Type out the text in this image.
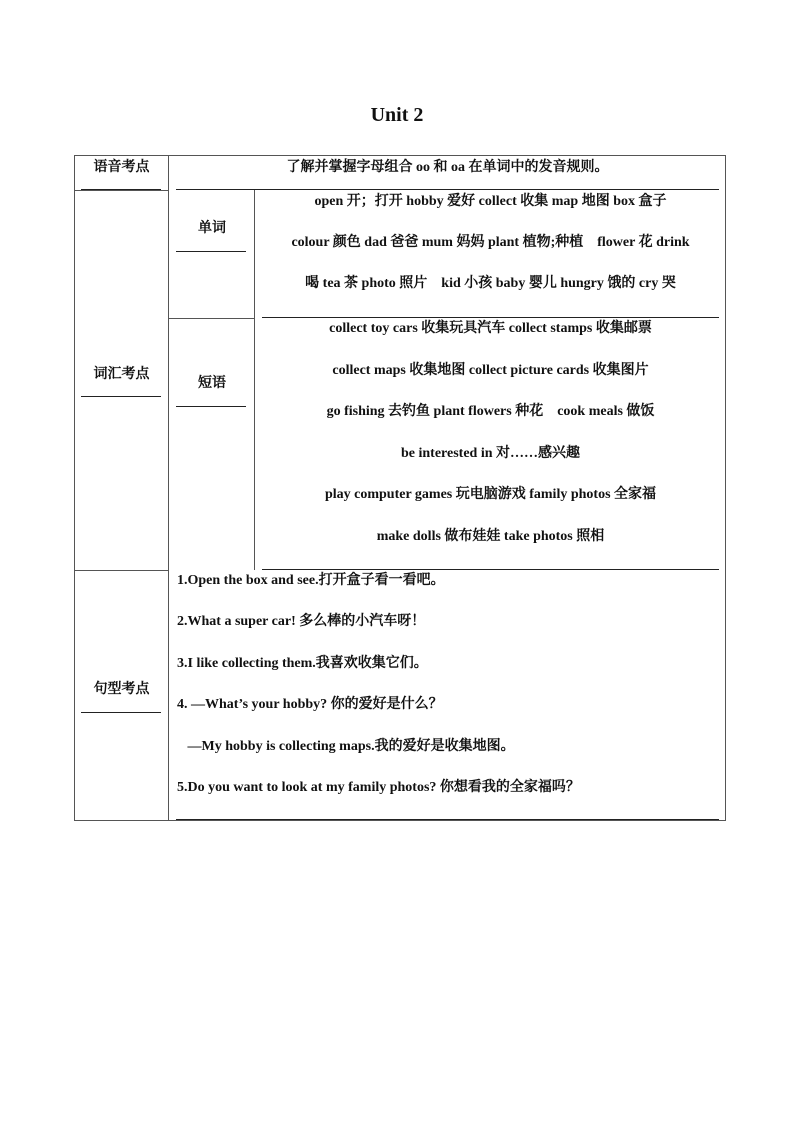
Unit 2
语音考点	了解并掌握字母组合 oo 和 oa 在单词中的发音规则。
词汇考点
单词
open 开；打开 hobby 爱好 collect 收集 map 地图 box 盒子
colour 颜色 dad 爸爸 mum 妈妈 plant 植物;种植　flower 花 drink
喝 tea 茶 photo 照片　kid 小孩 baby 婴儿 hungry 饿的 cry 哭
短语
collect toy cars 收集玩具汽车 collect stamps 收集邮票
collect maps 收集地图 collect picture cards 收集图片
go fishing 去钓鱼 plant flowers 种花　cook meals 做饭
be interested in 对……感兴趣
play computer games 玩电脑游戏 family photos 全家福
make dolls 做布娃娃 take photos 照相
句型考点
1.Open the box and see.打开盒子看一看吧。
2.What a super car! 多么棒的小汽车呀！
3.I like collecting them.我喜欢收集它们。
4. —What’s your hobby? 你的爱好是什么？
—My hobby is collecting maps.我的爱好是收集地图。
5.Do you want to look at my family photos? 你想看我的全家福吗？
